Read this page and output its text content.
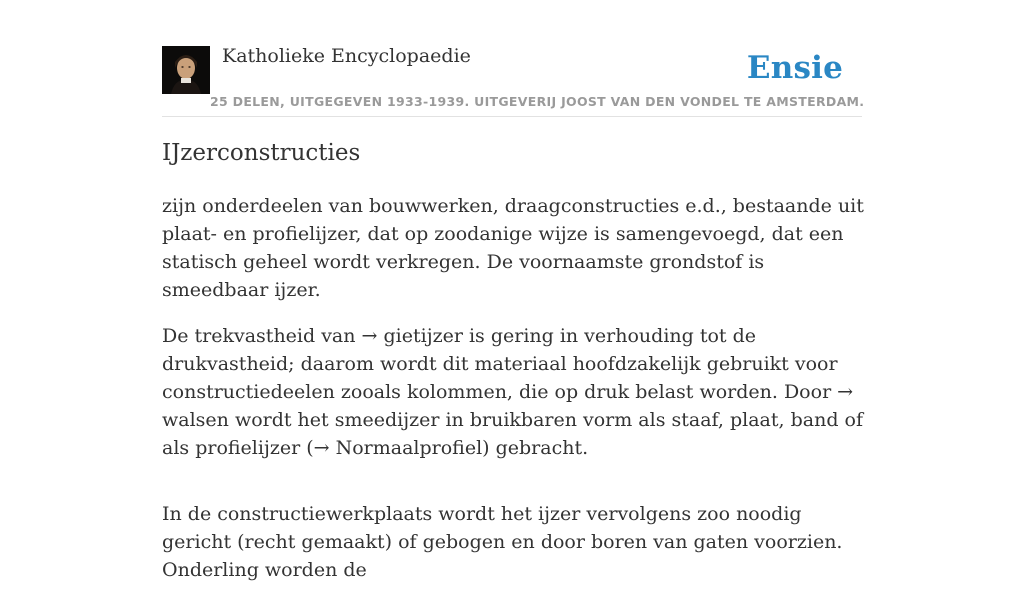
Katholieke Encyclopaedie	Ensie
25 DELEN, UITGEGEVEN 1933-1939. UITGEVERIJ JOOST VAN DEN VONDEL TE AMSTERDAM.
IJzerconstructies

zijn onderdeelen van bouwwerken, draagconstructies e.d., bestaande uit plaat- en profielijzer, dat op zoodanige wijze is samengevoegd, dat een statisch geheel wordt verkregen. De voornaamste grondstof is smeedbaar ijzer.

De trekvastheid van → gietijzer is gering in verhouding tot de drukvastheid; daarom wordt dit materiaal hoofdzakelijk gebruikt voor constructiedeelen zooals kolommen, die op druk belast worden. Door → walsen wordt het smeedijzer in bruikbaren vorm als staaf, plaat, band of als profielijzer (→ Normaalprofiel) gebracht.

In de constructiewerkplaats wordt het ijzer vervolgens zoo noodig gericht (recht gemaakt) of gebogen en door boren van gaten voorzien. Onderling worden de
